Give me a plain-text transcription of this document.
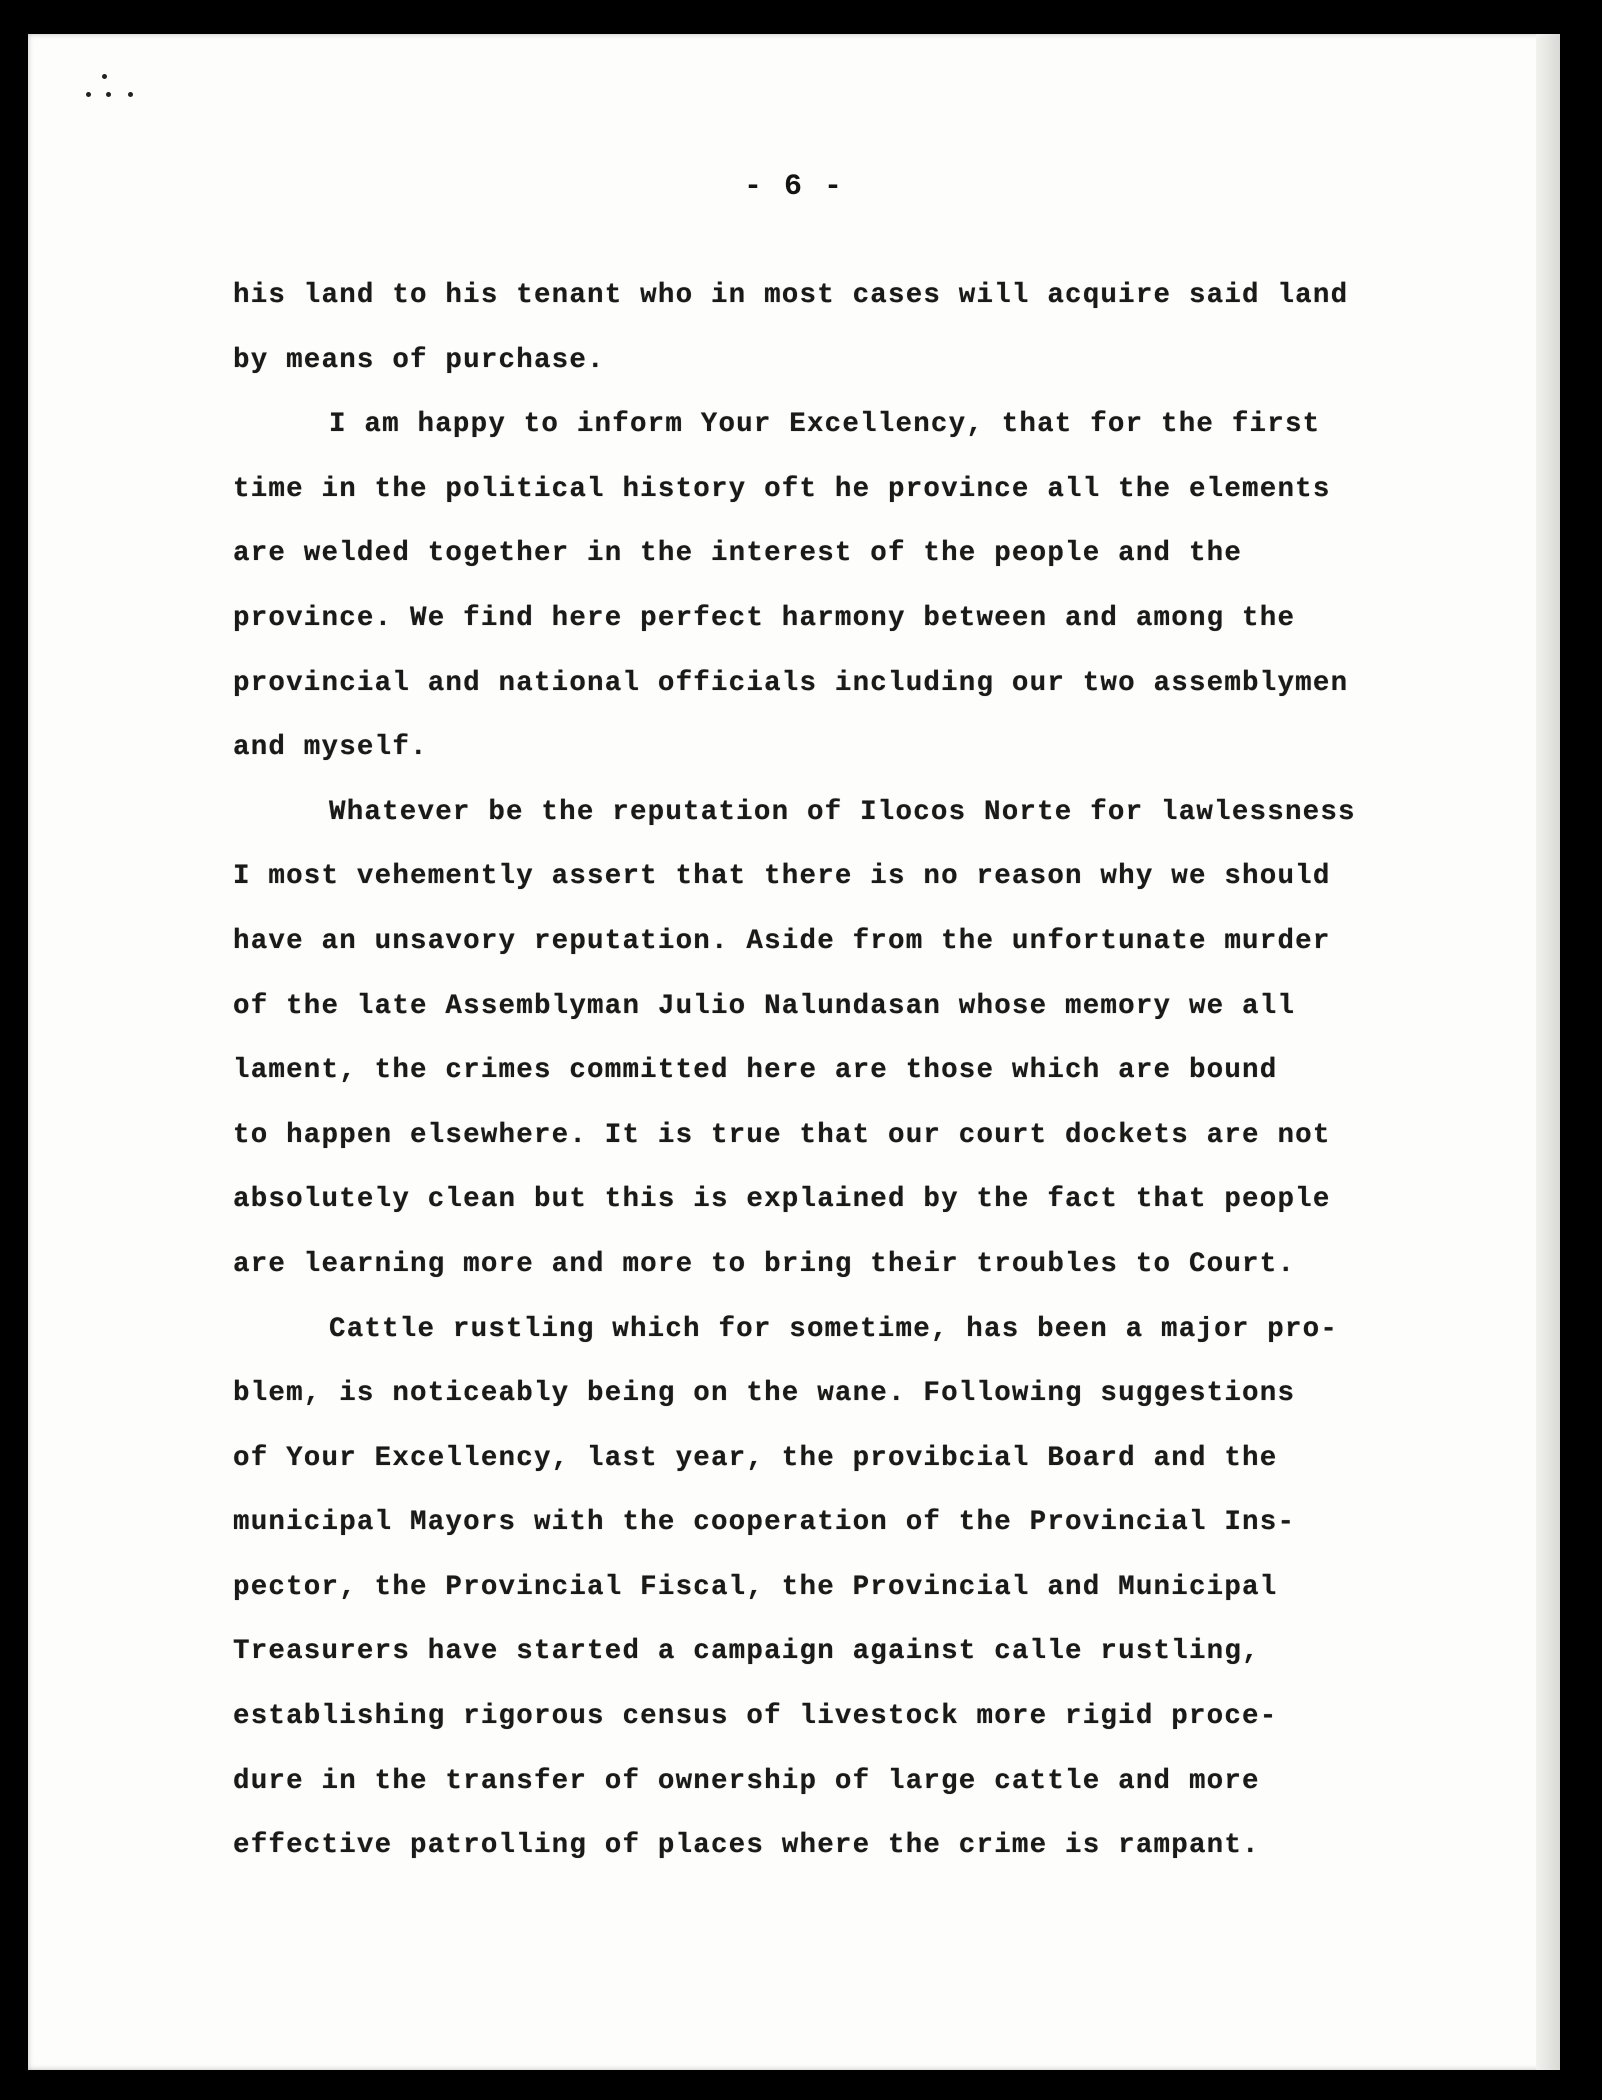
- 6 -
his land to his tenant who in most cases will acquire said land
by means of purchase.
I am happy to inform Your Excellency, that for the first
time in the political history oft he province all the elements
are welded together in the interest of the people and the
province. We find here perfect harmony between and among the
provincial and national officials including our two assemblymen
and myself.
Whatever be the reputation of Ilocos Norte for lawlessness
I most vehemently assert that there is no reason why we should
have an unsavory reputation. Aside from the unfortunate murder
of the late Assemblyman Julio Nalundasan whose memory we all
lament, the crimes committed here are those which are bound
to happen elsewhere. It is true that our court dockets are not
absolutely clean but this is explained by the fact that people
are learning more and more to bring their troubles to Court.
Cattle rustling which for sometime, has been a major pro-
blem, is noticeably being on the wane. Following suggestions
of Your Excellency, last year, the provibcial Board and the
municipal Mayors with the cooperation of the Provincial Ins-
pector, the Provincial Fiscal, the Provincial and Municipal
Treasurers have started a campaign against calle rustling,
establishing rigorous census of livestock more rigid proce-
dure in the transfer of ownership of large cattle and more
effective patrolling of places where the crime is rampant.
